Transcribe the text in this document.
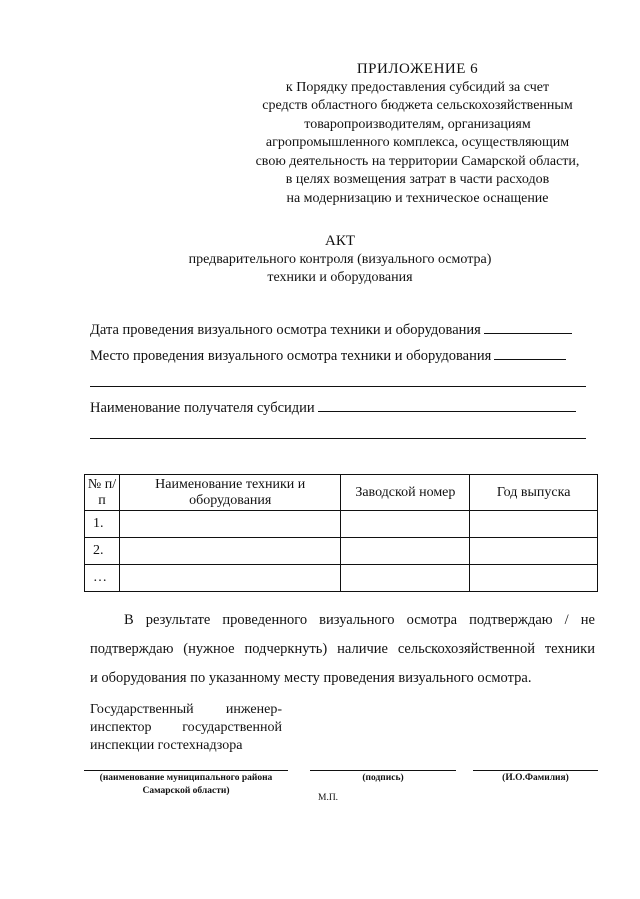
ПРИЛОЖЕНИЕ 6
к Порядку предоставления субсидий за счет
средств областного бюджета сельскохозяйственным
товаропроизводителям, организациям
агропромышленного комплекса, осуществляющим
свою деятельность на территории Самарской области,
в целях возмещения затрат в части расходов
на модернизацию и техническое оснащение
АКТ
предварительного контроля (визуального осмотра)
техники и оборудования
Дата проведения визуального осмотра техники и оборудования
Место проведения визуального осмотра техники и оборудования
Наименование получателя субсидии
№ п/п	Наименование техники и оборудования	Заводской номер	Год выпуска
1.			
2.			
…			

В результате проведенного визуального осмотра подтверждаю / не

подтверждаю (нужное подчеркнуть) наличие сельскохозяйственной техники

и оборудования по указанному месту проведения визуального осмотра.

Государственный инженер-
инспектор государственной
инспекции гостехнадзора
(наименование муниципального района
Самарской области)
(подпись)	(И.О.Фамилия)
М.П.
